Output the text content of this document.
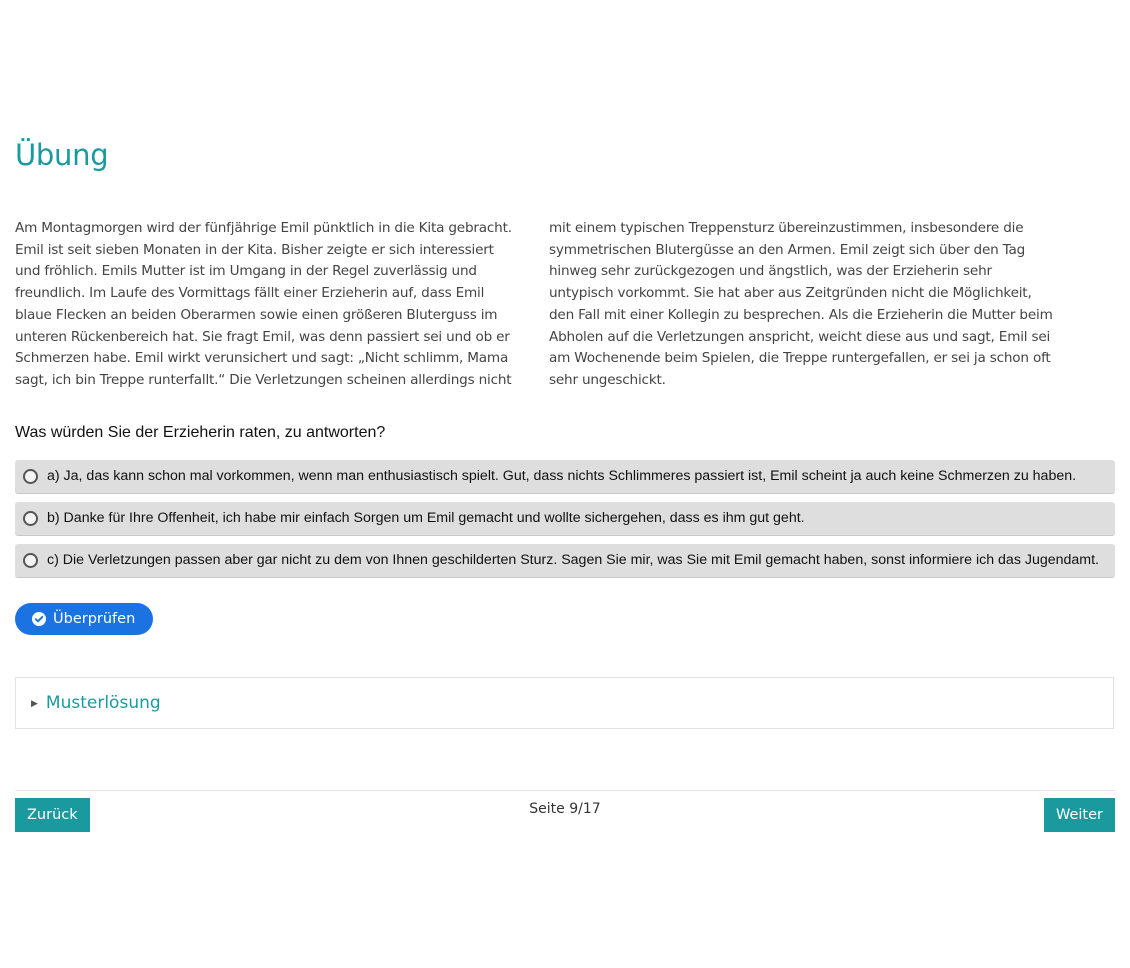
Übung

Am Montagmorgen wird der fünfjährige Emil pünktlich in die Kita gebracht. Emil ist seit sieben Monaten in der Kita. Bisher zeigte er sich interessiert und fröhlich. Emils Mutter ist im Umgang in der Regel zuverlässig und freundlich. Im Laufe des Vormittags fällt einer Erzieherin auf, dass Emil blaue Flecken an beiden Oberarmen sowie einen größeren Bluterguss im unteren Rückenbereich hat. Sie fragt Emil, was denn passiert sei und ob er Schmerzen habe. Emil wirkt verunsichert und sagt: „Nicht schlimm, Mama sagt, ich bin Treppe runterfallt.“ Die Verletzungen scheinen allerdings nicht mit einem typischen Treppensturz übereinzustimmen, insbesondere die symmetrischen Blutergüsse an den Armen. Emil zeigt sich über den Tag hinweg sehr zurückgezogen und ängstlich, was der Erzieherin sehr untypisch vorkommt. Sie hat aber aus Zeitgründen nicht die Möglichkeit, den Fall mit einer Kollegin zu besprechen. Als die Erzieherin die Mutter beim Abholen auf die Verletzungen anspricht, weicht diese aus und sagt, Emil sei am Wochenende beim Spielen, die Treppe runtergefallen, er sei ja schon oft sehr ungeschickt.

Was würden Sie der Erzieherin raten, zu antworten?

a) Ja, das kann schon mal vorkommen, wenn man enthusiastisch spielt. Gut, dass nichts Schlimmeres passiert ist, Emil scheint ja auch keine Schmerzen zu haben.
b) Danke für Ihre Offenheit, ich habe mir einfach Sorgen um Emil gemacht und wollte sichergehen, dass es ihm gut geht.
c) Die Verletzungen passen aber gar nicht zu dem von Ihnen geschilderten Sturz. Sagen Sie mir, was Sie mit Emil gemacht haben, sonst informiere ich das Jugendamt.
Überprüfen
▶ Musterlösung
Zurück	Seite 9/17	Weiter
